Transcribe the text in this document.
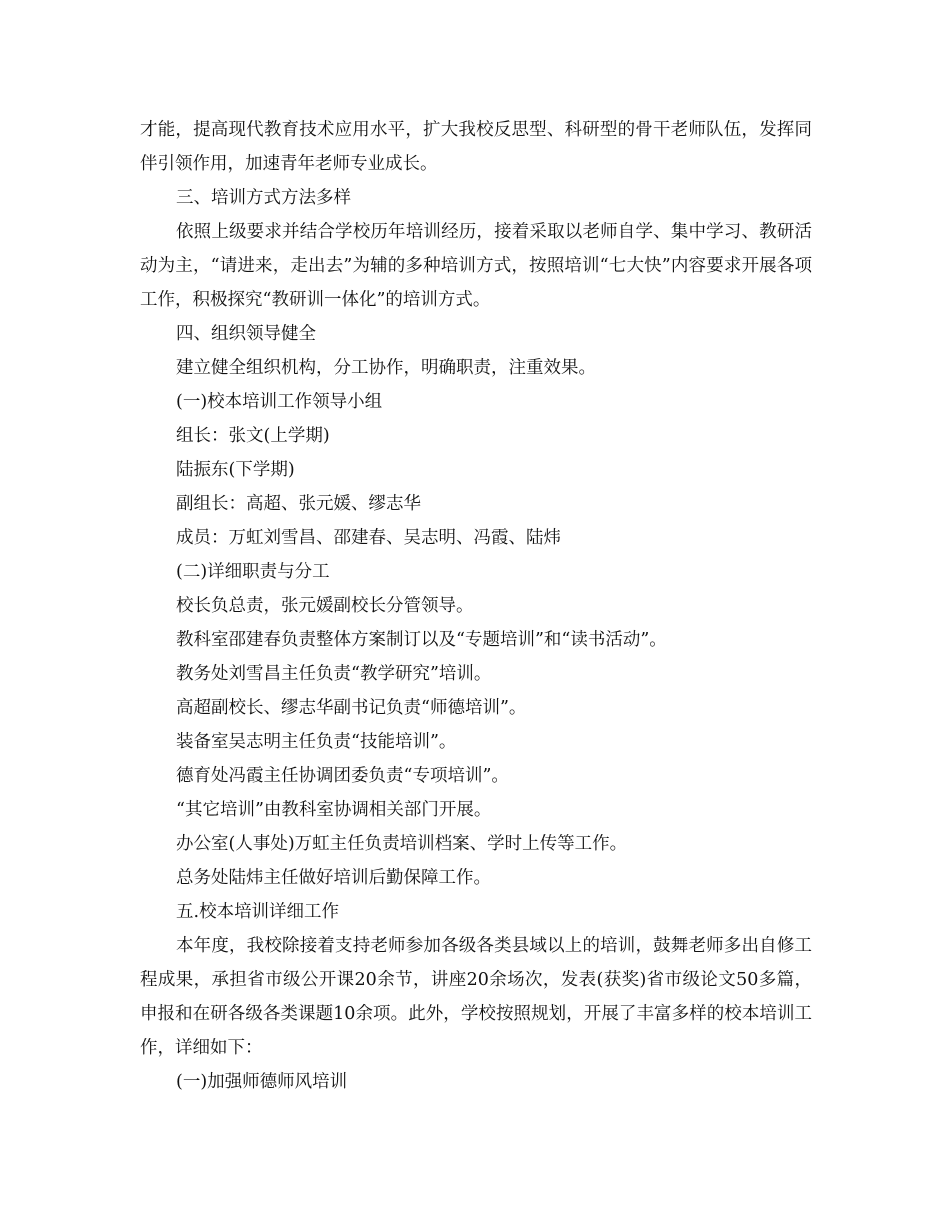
才能，提高现代教育技术应用水平，扩大我校反思型、科研型的骨干老师队伍，发挥同伴引领作用，加速青年老师专业成长。

三、培训方式方法多样

依照上级要求并结合学校历年培训经历，接着采取以老师自学、集中学习、教研活动为主，“请进来，走出去”为辅的多种培训方式，按照培训“七大快”内容要求开展各项工作，积极探究“教研训一体化”的培训方式。

四、组织领导健全

建立健全组织机构，分工协作，明确职责，注重效果。

(一)校本培训工作领导小组

组长：张文(上学期)

陆振东(下学期)

副组长：高超、张元媛、缪志华

成员：万虹刘雪昌、邵建春、吴志明、冯霞、陆炜

(二)详细职责与分工

校长负总责，张元媛副校长分管领导。

教科室邵建春负责整体方案制订以及“专题培训”和“读书活动”。

教务处刘雪昌主任负责“教学研究”培训。

高超副校长、缪志华副书记负责“师德培训”。

装备室吴志明主任负责“技能培训”。

德育处冯霞主任协调团委负责“专项培训”。

“其它培训”由教科室协调相关部门开展。

办公室(人事处)万虹主任负责培训档案、学时上传等工作。

总务处陆炜主任做好培训后勤保障工作。

五.校本培训详细工作

本年度，我校除接着支持老师参加各级各类县域以上的培训，鼓舞老师多出自修工程成果，承担省市级公开课20余节，讲座20余场次，发表(获奖)省市级论文50多篇，申报和在研各级各类课题10余项。此外，学校按照规划，开展了丰富多样的校本培训工作，详细如下：

(一)加强师德师风培训
